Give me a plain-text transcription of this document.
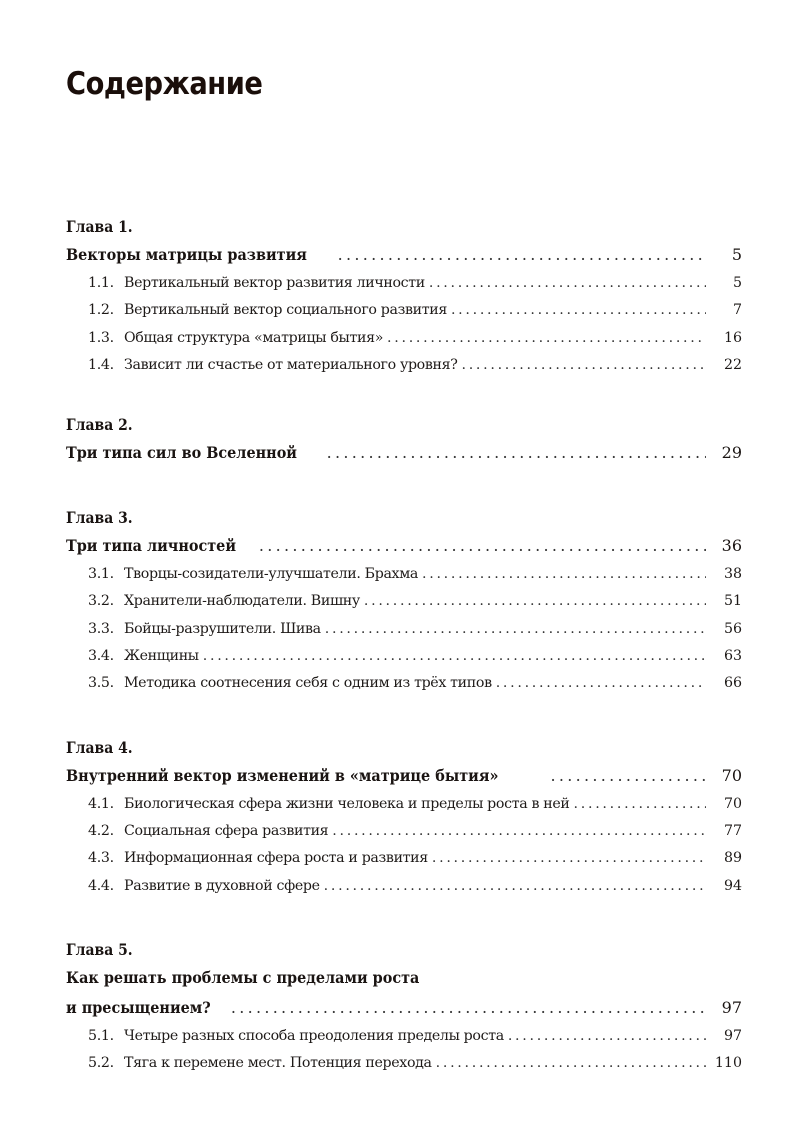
Содержание
Глава 1.
Векторы матрицы развития . . .	5
1.1. Вертикальный вектор развития личности . . .	5
1.2. Вертикальный вектор социального развития . . .	7
1.3. Общая структура «матрицы бытия» . . .	16
1.4. Зависит ли счастье от материального уровня? . . .	22
Глава 2.
Три типа сил во Вселенной . . .	29
Глава 3.
Три типа личностей . . .	36
3.1. Творцы-созидатели-улучшатели. Брахма . . .	38
3.2. Хранители-наблюдатели. Вишну . . .	51
3.3. Бойцы-разрушители. Шива . . .	56
3.4. Женщины . . .	63
3.5. Методика соотнесения себя с одним из трёх типов . . .	66
Глава 4.
Внутренний вектор изменений в «матрице бытия» . . .	70
4.1. Биологическая сфера жизни человека и пределы роста в ней . . .	70
4.2. Социальная сфера развития . . .	77
4.3. Информационная сфера роста и развития . . .	89
4.4. Развитие в духовной сфере . . .	94
Глава 5.
Как решать проблемы с пределами роста
и пресыщением? . . .	97
5.1. Четыре разных способа преодоления пределы роста . . .	97
5.2. Тяга к перемене мест. Потенция перехода . . .	110
